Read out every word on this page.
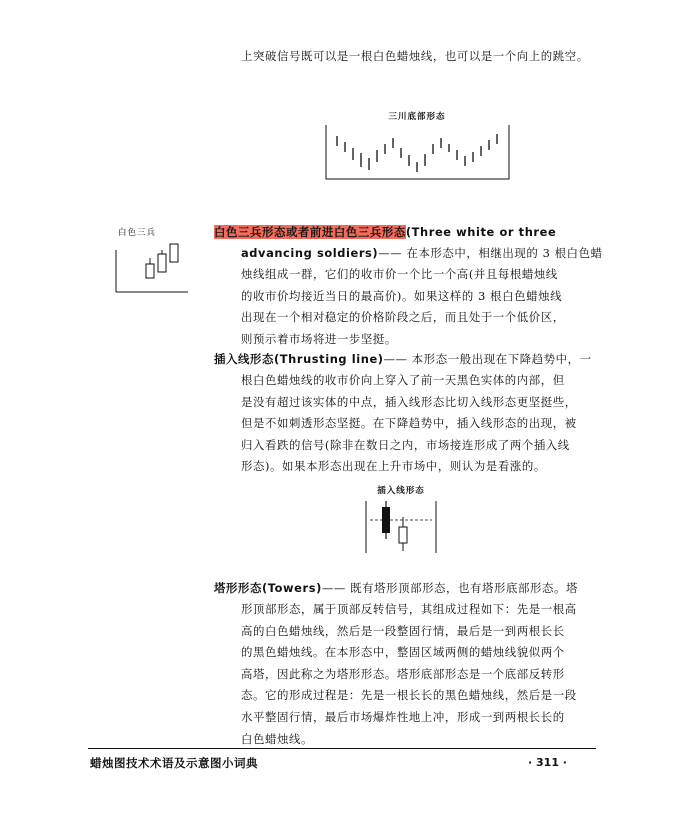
上突破信号既可以是一根白色蜡烛线，也可以是一个向上的跳空。

三川底部形态
白色三兵	白色三兵形态或者前进白色三兵形态(Three white or three

advancing soldiers)—— 在本形态中，相继出现的 3 根白色蜡

烛线组成一群，它们的收市价一个比一个高(并且每根蜡烛线

的收市价均接近当日的最高价)。如果这样的 3 根白色蜡烛线

出现在一个相对稳定的价格阶段之后，而且处于一个低价区，

则预示着市场将进一步坚挺。

插入线形态(Thrusting line)—— 本形态一般出现在下降趋势中，一

根白色蜡烛线的收市价向上穿入了前一天黑色实体的内部，但

是没有超过该实体的中点，插入线形态比切入线形态更坚挺些，

但是不如刺透形态坚挺。在下降趋势中，插入线形态的出现，被

归入看跌的信号(除非在数日之内，市场接连形成了两个插入线

形态)。如果本形态出现在上升市场中，则认为是看涨的。

插入线形态

塔形形态(Towers)—— 既有塔形顶部形态，也有塔形底部形态。塔

形顶部形态，属于顶部反转信号，其组成过程如下：先是一根高

高的白色蜡烛线，然后是一段整固行情，最后是一到两根长长

的黑色蜡烛线。在本形态中，整固区域两侧的蜡烛线貌似两个

高塔，因此称之为塔形形态。塔形底部形态是一个底部反转形

态。它的形成过程是：先是一根长长的黑色蜡烛线，然后是一段

水平整固行情，最后市场爆炸性地上冲，形成一到两根长长的

白色蜡烛线。

蜡烛图技术术语及示意图小词典	· 311 ·
